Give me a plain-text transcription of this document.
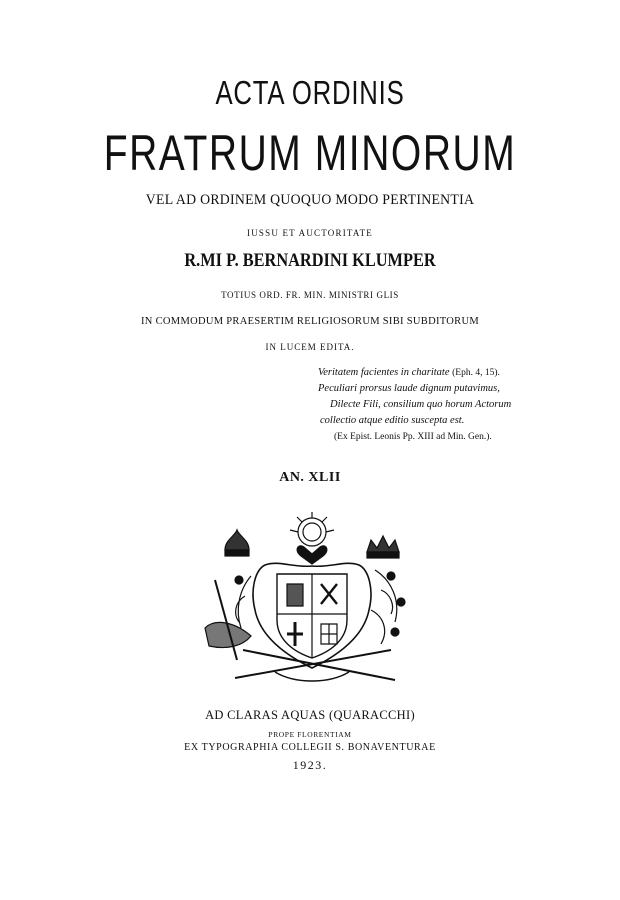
ACTA ORDINIS
FRATRUM MINORUM
VEL AD ORDINEM QUOQUO MODO PERTINENTIA
IUSSU ET AUCTORITATE
R.MI P. BERNARDINI KLUMPER
TOTIUS ORD. FR. MIN. MINISTRI GLIS
IN COMMODUM PRAESERTIM RELIGIOSORUM SIBI SUBDITORUM
IN LUCEM EDITA.
Veritatem facientes in charitate (Eph. 4, 15).
Peculiari prorsus laude dignum putavimus,
Dilecte Fili, consilium quo horum Actorum
collectio atque editio suscepta est.
(Ex Epist. Leonis Pp. XIII ad Min. Gen.).
AN. XLII
AD CLARAS AQUAS (QUARACCHI)
PROPE FLORENTIAM
EX TYPOGRAPHIA COLLEGII S. BONAVENTURAE
1923.
